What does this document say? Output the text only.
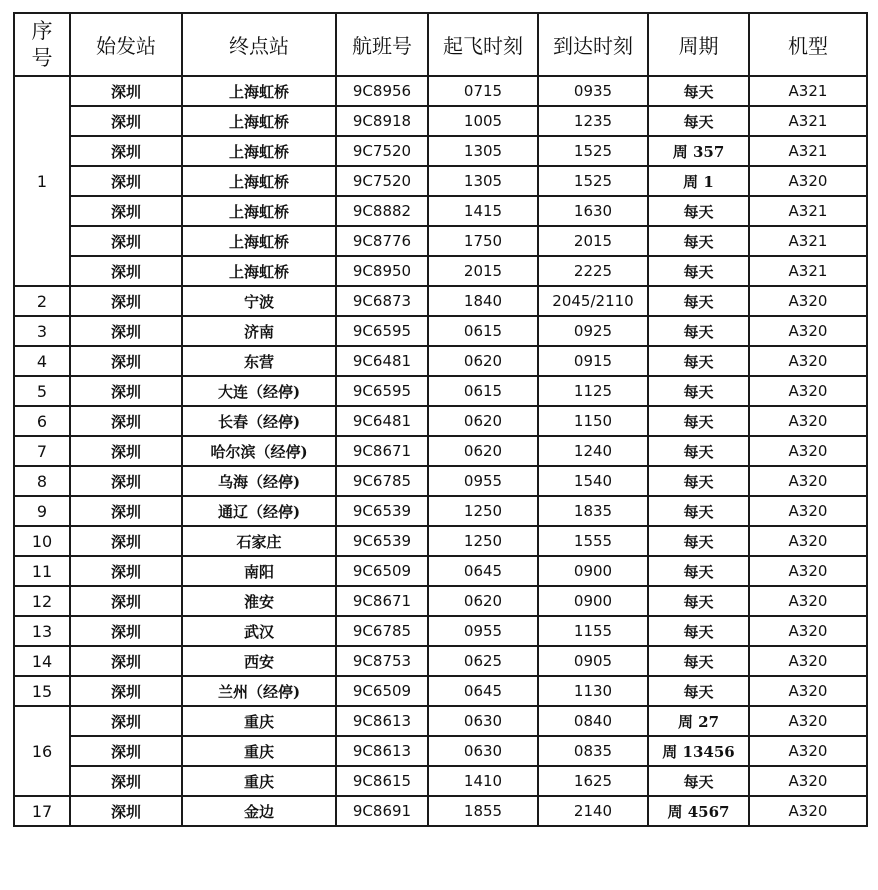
序
号	始发站	终点站	航班号	起飞时刻	到达时刻	周期	机型
1	深圳	上海虹桥	9C8956	0715	0935	每天	A321
	深圳	上海虹桥	9C8918	1005	1235	每天	A321
	深圳	上海虹桥	9C7520	1305	1525	周 357	A321
	深圳	上海虹桥	9C7520	1305	1525	周 1	A320
	深圳	上海虹桥	9C8882	1415	1630	每天	A321
	深圳	上海虹桥	9C8776	1750	2015	每天	A321
	深圳	上海虹桥	9C8950	2015	2225	每天	A321
2	深圳	宁波	9C6873	1840	2045/2110	每天	A320
3	深圳	济南	9C6595	0615	0925	每天	A320
4	深圳	东营	9C6481	0620	0915	每天	A320
5	深圳	大连（经停)	9C6595	0615	1125	每天	A320
6	深圳	长春（经停)	9C6481	0620	1150	每天	A320
7	深圳	哈尔滨（经停)	9C8671	0620	1240	每天	A320
8	深圳	乌海（经停)	9C6785	0955	1540	每天	A320
9	深圳	通辽（经停)	9C6539	1250	1835	每天	A320
10	深圳	石家庄	9C6539	1250	1555	每天	A320
11	深圳	南阳	9C6509	0645	0900	每天	A320
12	深圳	淮安	9C8671	0620	0900	每天	A320
13	深圳	武汉	9C6785	0955	1155	每天	A320
14	深圳	西安	9C8753	0625	0905	每天	A320
15	深圳	兰州（经停)	9C6509	0645	1130	每天	A320
16	深圳	重庆	9C8613	0630	0840	周 27	A320
	深圳	重庆	9C8613	0630	0835	周 13456	A320
	深圳	重庆	9C8615	1410	1625	每天	A320
17	深圳	金边	9C8691	1855	2140	周 4567	A320
